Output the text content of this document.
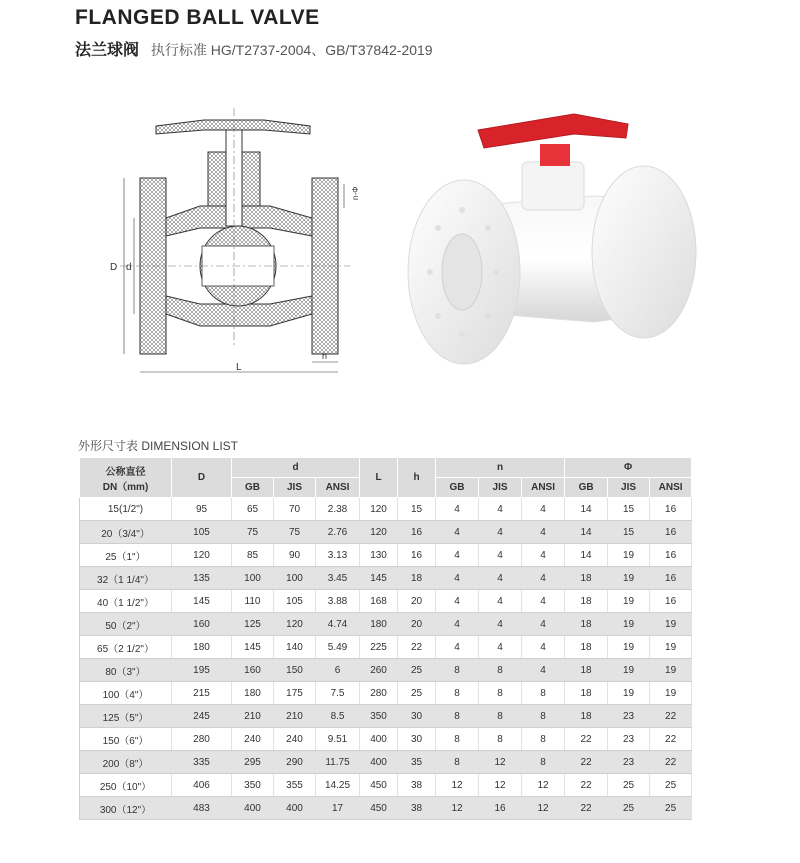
FLANGED BALL VALVE
法兰球阀 执行标准 HG/T2737-2004、GB/T37842-2019
D d
L
h
n-Φ
外形尺寸表 DIMENSION LIST
公称直径
DN（mm)	D	d			L	h	n			Φ		
		GB	JIS	ANSI			GB	JIS	ANSI	GB	JIS	ANSI
15(1/2")	95	65	70	2.38	120	15	4	4	4	14	15	16
20（3/4"）	105	75	75	2.76	120	16	4	4	4	14	15	16
25（1"）	120	85	90	3.13	130	16	4	4	4	14	19	16
32（1 1/4"）	135	100	100	3.45	145	18	4	4	4	18	19	16
40（1 1/2"）	145	110	105	3.88	168	20	4	4	4	18	19	16
50（2"）	160	125	120	4.74	180	20	4	4	4	18	19	19
65（2 1/2"）	180	145	140	5.49	225	22	4	4	4	18	19	19
80（3"）	195	160	150	6	260	25	8	8	4	18	19	19
100（4"）	215	180	175	7.5	280	25	8	8	8	18	19	19
125（5"）	245	210	210	8.5	350	30	8	8	8	18	23	22
150（6"）	280	240	240	9.51	400	30	8	8	8	22	23	22
200（8"）	335	295	290	11.75	400	35	8	12	8	22	23	22
250（10"）	406	350	355	14.25	450	38	12	12	12	22	25	25
300（12"）	483	400	400	17	450	38	12	16	12	22	25	25
